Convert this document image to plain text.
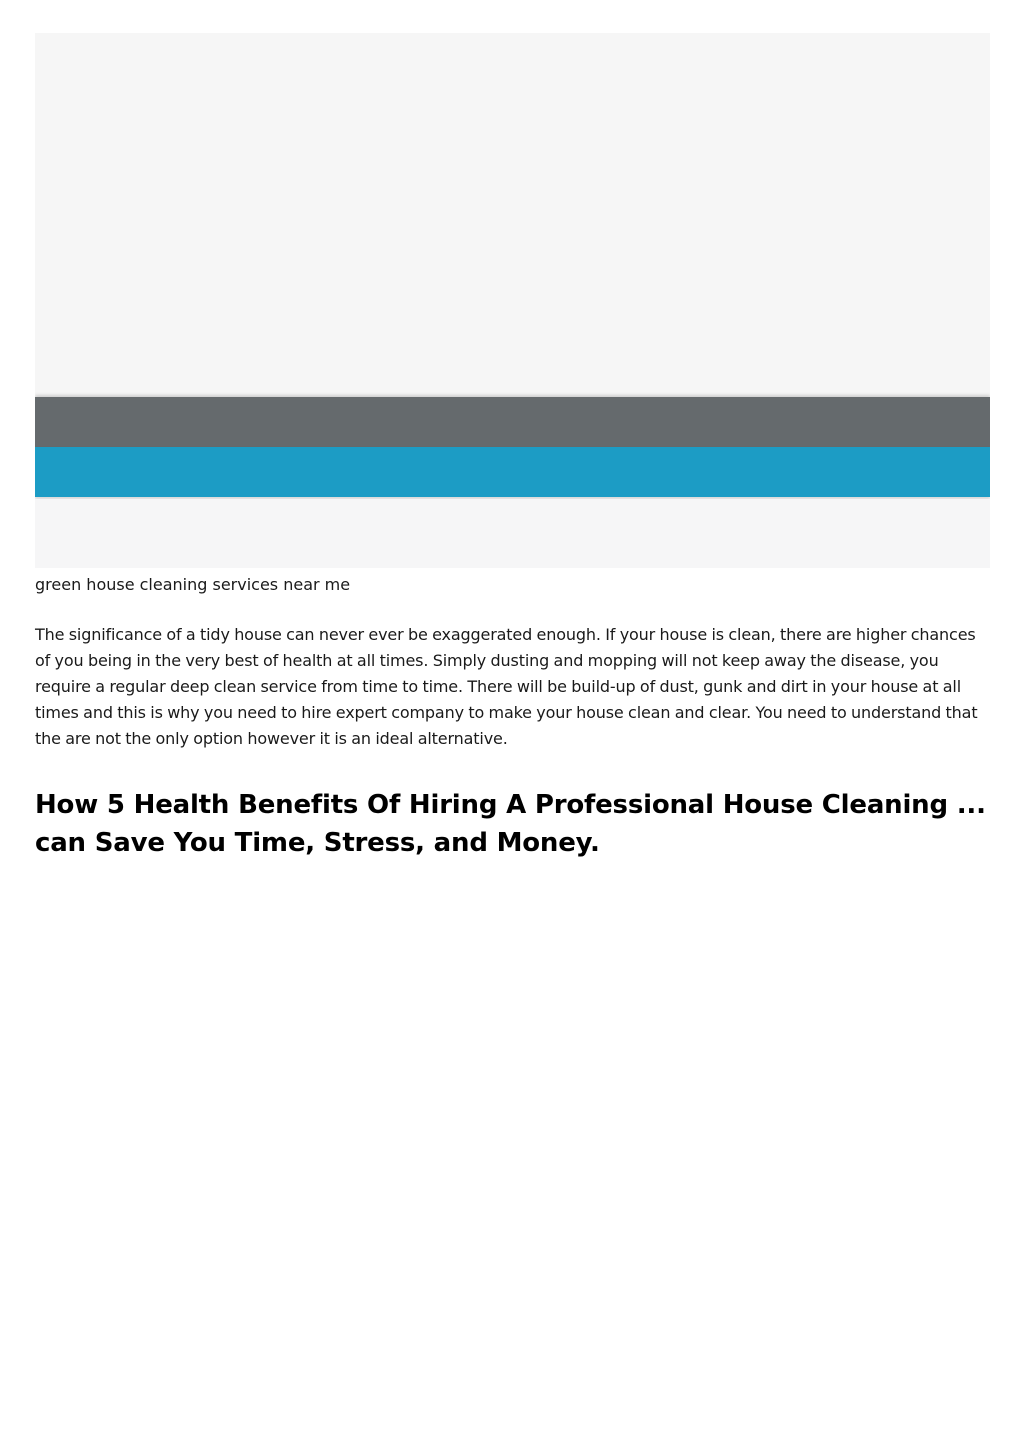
green house cleaning services near me

The significance of a tidy house can never ever be exaggerated enough. If your house is clean, there are higher chances of you being in the very best of health at all times. Simply dusting and mopping will not keep away the disease, you require a regular deep clean service from time to time. There will be build-up of dust, gunk and dirt in your house at all times and this is why you need to hire expert company to make your house clean and clear. You need to understand that the are not the only option however it is an ideal alternative.

How 5 Health Benefits Of Hiring A Professional House Cleaning ... can Save You Time, Stress, and Money.
